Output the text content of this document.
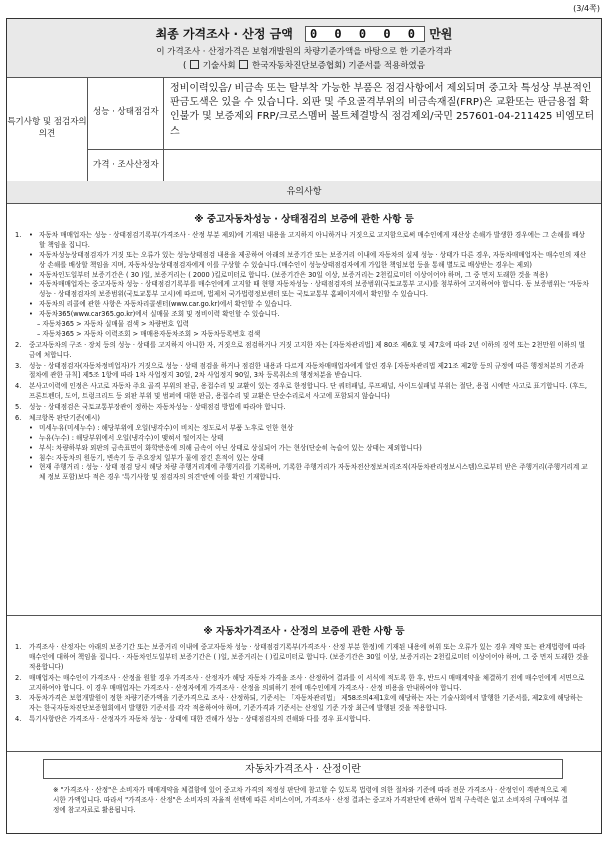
(3/4쪽)
최종 가격조사 · 산정 금액 0 0 0 0 0 만원
이 가격조사 · 산정가격은 보험개발원의 차량기준가액을 바탕으로 한 기준가격과
( 기술사회 한국자동차진단보증협회) 기준서를 적용하였음
특기사항 및 점검자의 의견
성능 · 상태점검자
정비이력있음/ 비금속 또는 탈부착 가능한 부품은 점검사항에서 제외되며 중고차 특성상 부분적인 판금도색은 있을 수 있습니다. 외판 및 주요골격부위의 비금속재질(FRP)은 교환또는 판금용접 확인불가 및 보증제외 FRP/크로스멤버 볼트체결방식 점검제외/국민 257601-04-211425 비엠모터스
가격 · 조사산정자
유의사항
※ 중고자동차성능 · 상태점검의 보증에 관한 사항 등
1. • 자동차 매매업자는 성능 · 상태점검기록부(가격조사 · 산정 부분 제외)에 기재된 내용을 고지하지 아니하거나 거짓으로 고지함으로써 매수인에게 재산상 손해가 발생한 경우에는 그 손해를 배상할 책임을 집니다.
• 자동차성능상태점검자가 거짓 또는 오류가 있는 성능상태점검 내용을 제공하여 아래의 보증기간 또는 보증거리 이내에 자동차의 실제 성능 · 상태가 다른 경우, 자동차매매업자는 매수인의 재산상 손해를 배상할 책임을 지며, 자동차성능상태점검자에게 이를 구상할 수 있습니다.(매수인이 성능상태점검자에게 가입한 책임보험 등을 통해 별도로 배상받는 경우는 제외)
• 자동차인도일부터 보증기간은 ( 30 )일, 보증거리는 ( 2000 )킬로미터로 합니다. (보증기간은 30일 이상, 보증거리는 2천킬로미터 이상이어야 하며, 그 중 먼저 도래한 것을 적용)
• 자동차매매업자는 중고자동차 성능 · 상태점검기록부를 매수인에게 고지할 때 현행 자동차성능 · 상태점검자의 보증범위(국토교통부 고시)를 첨부하여 고지하여야 합니다. 동 보증범위는 '자동차성능 · 상태점검자의 보증범위(국토교통부 고시)에 따르며, 법제처 국가법령정보센터 또는 국토교통부 홈페이지에서 확인할 수 있습니다.
• 자동차의 리콜에 관한 사항은 자동차리콜센터(www.car.go.kr)에서 확인할 수 있습니다.
• 자동차365(www.car365.go.kr)에서 실매물 조회 및 정비이력 확인할 수 있습니다.
– 자동차365 > 자동차 실매물 검색 > 차량번호 입력
– 자동차365 > 자동차 이력조회 > 매매용자동차조회 > 자동차등록번호 검색
2. 중고자동차의 구조 · 장치 등의 성능 · 상태를 고지하지 아니한 자, 거짓으로 점검하거나 거짓 고지한 자는 [자동차관리법] 제 80조 제6호 및 제7호에 따라 2년 이하의 징역 또는 2천만원 이하의 벌금에 처합니다.
3. 성능 · 상태점검자(자동차정비업자)가 거짓으로 성능 · 상태 점검을 하거나 점검한 내용과 다르게 자동차매매업자에게 알린 경우 [자동차관리법 제21조 제2항 등의 규정에 따른 행정처분의 기준과 절차에 관한 규칙] 제5조 1항에 따라 1차 사업정지 30일, 2차 사업정지 90일, 3차 등록취소의 행정처분을 받습니다.
4. 본사고이력에 인정은 사고로 자동차 주요 골격 부위의 판금, 용접수리 및 교환이 있는 경우로 한정합니다. 단 쿼터패널, 루프패널, 사이드실패널 부위는 절단, 용접 시에만 사고로 표기합니다. (후드, 프론트펜더, 도어, 트렁크리드 등 외판 부위 및 범퍼에 대한 판금, 용접수리 및 교환은 단순수리로서 사고에 포함되지 않습니다)
5. 성능 · 상태점검은 국토교통부장관이 정하는 자동차성능 · 상태점검 방법에 따라야 합니다.
6. 체크항목 판단기준(예시)
• 미세누유(미세누수) : 해당부위에 오일(냉각수)이 비치는 정도로서 부품 노후로 인한 현상
• 누유(누수) : 해당부위에서 오일(냉각수)이 맺혀서 떨어지는 상태
• 부식: 차량하부와 외판의 금속표면이 화학반응에 의해 금속이 아닌 상태로 상실되어 가는 현상(단순히 녹슬어 있는 상태는 제외합니다)
• 침수: 자동차의 원동기, 변속기 등 주요장치 일부가 물에 잠긴 흔적이 있는 상태
• 현재 주행거리 : 성능 · 상태 점검 당시 해당 차량 주행거리계에 주행거리를 기록하며, 기록한 주행거리가 자동차전산정보처리조직(자동차관리정보시스템)으로부터 받은 주행거리(주행거리계 교체 정보 포함)보다 적은 경우 '특기사항 및 점검자의 의견'란에 이를 확인 기재합니다.
※ 자동차가격조사 · 산정의 보증에 관한 사항 등
1. 가격조사 · 산정자는 아래의 보증기간 또는 보증거리 이내에 중고자동차 성능 · 상태점검기록부(가격조사 · 산정 부분 한정)에 기재된 내용에 허위 또는 오류가 있는 경우 계약 또는 관계법령에 따라 매수인에 대하여 책임을 집니다. · 자동차인도일부터 보증기간은 ( )일, 보증거리는 ( )킬로미터로 합니다. (보증기간은 30일 이상, 보증거리는 2천킬로미터 이상이어야 하며, 그 중 먼저 도래한 것을 적용합니다)
2. 매매업자는 매수인이 가격조사 · 산정을 원할 경우 가격조사 · 산정자가 해당 자동차 가격을 조사 · 산정하여 결과를 이 서식에 적도록 한 후, 반드시 매매계약을 체결하기 전에 매수인에게 서면으로 고지하여야 합니다. 이 경우 매매업자는 가격조사 · 산정자에게 가격조사 · 산정을 의뢰하기 전에 매수인에게 가격조사 · 산정 비용을 안내하여야 합니다.
3. 자동차가격은 보험개발원이 정한 차량기준가액을 기준가격으로 조사 · 산정하되, 기준서는 「자동차관리법」 제58조의4제1호에 해당하는 자는 기술사회에서 발행한 기준서를, 제2호에 해당하는 자는 한국자동차진단보증협회에서 발행한 기준서를 각각 적용하여야 하며, 기준가격과 기준서는 산정일 기준 가장 최근에 발행된 것을 적용합니다.
4. 특기사항란은 가격조사 · 산정자가 자동차 성능 · 상태에 대한 견해가 성능 · 상태점검자의 견해와 다를 경우 표시합니다.
자동차가격조사 · 산정이란
※ "가격조사 · 산정"은 소비자가 매매계약을 체결함에 있어 중고차 가격의 적정성 판단에 참고할 수 있도록 법령에 의한 절차와 기준에 따라 전문 가격조사 · 산정인이 객관적으로 제시한 가액입니다. 따라서 "가격조사 · 산정"은 소비자의 자율적 선택에 따른 서비스이며, 가격조사 · 산정 결과는 중고차 가격판단에 관하여 법적 구속력은 없고 소비자의 구매여부 결정에 참고자료로 활용됩니다.
